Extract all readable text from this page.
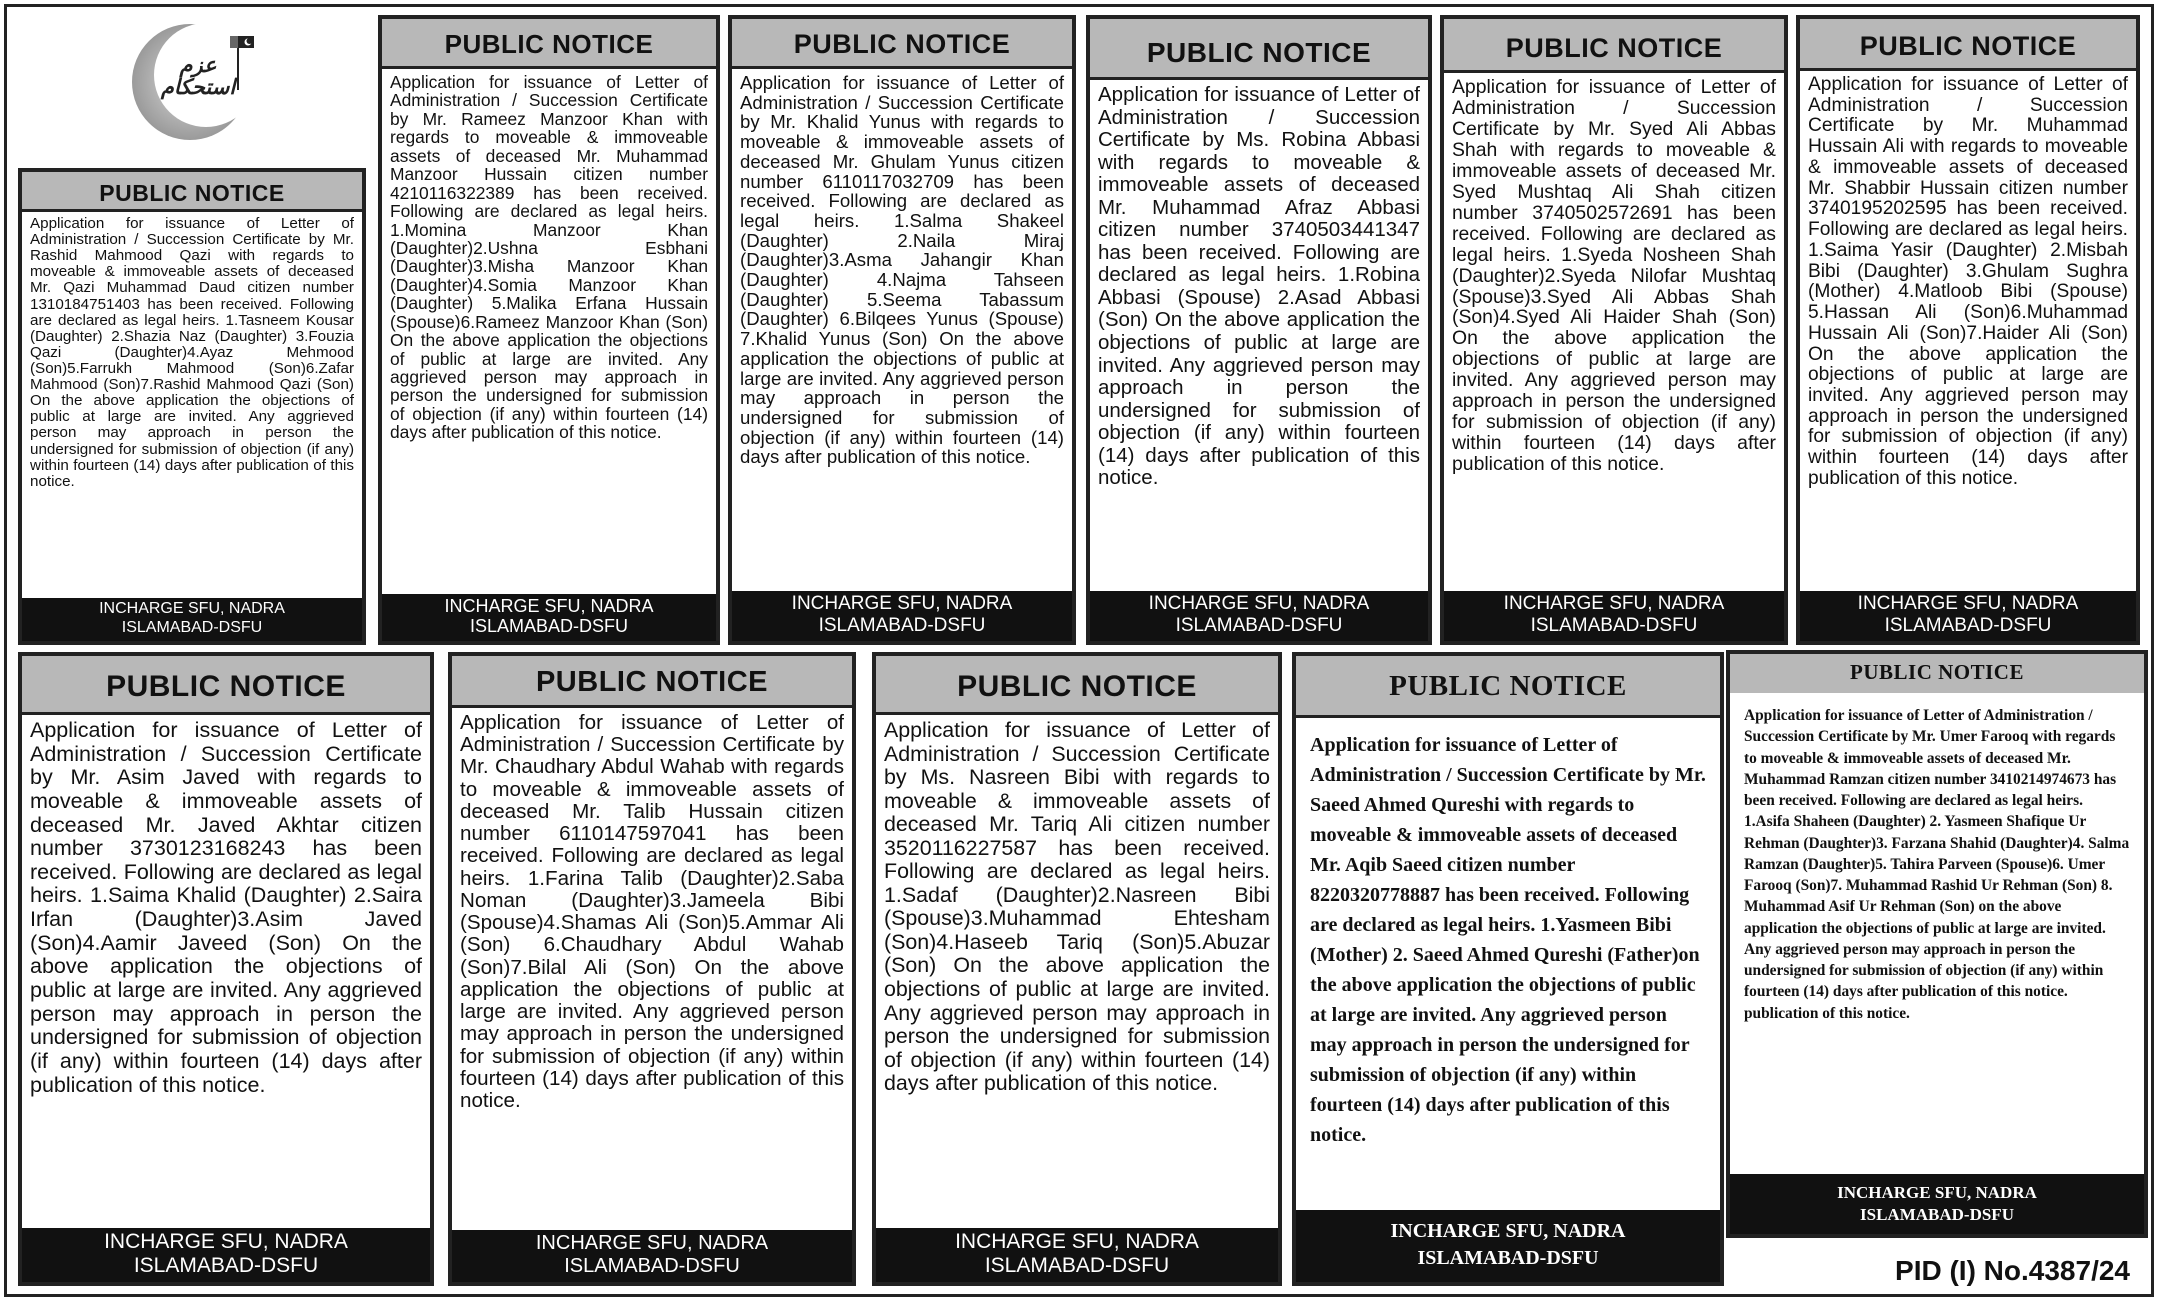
عزم استحکام
PUBLIC NOTICE
Application for issuance of Letter of Administration / Succession Certificate by Mr. Rashid Mahmood Qazi with regards to moveable & immoveable assets of deceased Mr. Qazi Muhammad Daud citizen number 1310184751403 has been received. Following are declared as legal heirs. 1.Tasneem Kousar (Daughter) 2.Shazia Naz (Daughter) 3.Fouzia Qazi (Daughter)4.Ayaz Mehmood (Son)5.Farrukh Mahmood (Son)6.Zafar Mahmood (Son)7.Rashid Mahmood Qazi (Son) On the above application the objections of public at large are invited. Any aggrieved person may approach in person the undersigned for submission of objection (if any) within fourteen (14) days after publication of this notice.
INCHARGE SFU, NADRA
ISLAMABAD-DSFU
PUBLIC NOTICE
Application for issuance of Letter of Administration / Succession Certificate by Mr. Rameez Manzoor Khan with regards to moveable & immoveable assets of deceased Mr. Muhammad Manzoor Hussain citizen number 4210116322389 has been received. Following are declared as legal heirs. 1.Momina Manzoor Khan (Daughter)2.Ushna Esbhani (Daughter)3.Misha Manzoor Khan (Daughter)4.Somia Manzoor Khan (Daughter) 5.Malika Erfana Hussain (Spouse)6.Rameez Manzoor Khan (Son) On the above application the objections of public at large are invited. Any aggrieved person may approach in person the undersigned for submission of objection (if any) within fourteen (14) days after publication of this notice.
INCHARGE SFU, NADRA
ISLAMABAD-DSFU
PUBLIC NOTICE
Application for issuance of Letter of Administration / Succession Certificate by Mr. Khalid Yunus with regards to moveable & immoveable assets of deceased Mr. Ghulam Yunus citizen number 6110117032709 has been received. Following are declared as legal heirs. 1.Salma Shakeel (Daughter) 2.Naila Miraj (Daughter)3.Asma Jahangir Khan (Daughter) 4.Najma Tahseen (Daughter) 5.Seema Tabassum (Daughter) 6.Bilqees Yunus (Spouse) 7.Khalid Yunus (Son) On the above application the objections of public at large are invited. Any aggrieved person may approach in person the undersigned for submission of objection (if any) within fourteen (14) days after publication of this notice.
INCHARGE SFU, NADRA
ISLAMABAD-DSFU
PUBLIC NOTICE
Application for issuance of Letter of Administration / Succession Certificate by Ms. Robina Abbasi with regards to moveable & immoveable assets of deceased Mr. Muhammad Afraz Abbasi citizen number 3740503441347 has been received. Following are declared as legal heirs. 1.Robina Abbasi (Spouse) 2.Asad Abbasi (Son) On the above application the objections of public at large are invited. Any aggrieved person may approach in person the undersigned for submission of objection (if any) within fourteen (14) days after publication of this notice.
INCHARGE SFU, NADRA
ISLAMABAD-DSFU
PUBLIC NOTICE
Application for issuance of Letter of Administration / Succession Certificate by Mr. Syed Ali Abbas Shah with regards to moveable & immoveable assets of deceased Mr. Syed Mushtaq Ali Shah citizen number 3740502572691 has been received. Following are declared as legal heirs. 1.Syeda Nosheen Shah (Daughter)2.Syeda Nilofar Mushtaq (Spouse)3.Syed Ali Abbas Shah (Son)4.Syed Ali Haider Shah (Son) On the above application the objections of public at large are invited. Any aggrieved person may approach in person the undersigned for submission of objection (if any) within fourteen (14) days after publication of this notice.
INCHARGE SFU, NADRA
ISLAMABAD-DSFU
PUBLIC NOTICE
Application for issuance of Letter of Administration / Succession Certificate by Mr. Muhammad Hussain Ali with regards to moveable & immoveable assets of deceased Mr. Shabbir Hussain citizen number 3740195202595 has been received. Following are declared as legal heirs. 1.Saima Yasir (Daughter) 2.Misbah Bibi (Daughter) 3.Ghulam Sughra (Mother) 4.Matloob Bibi (Spouse) 5.Hassan Ali (Son)6.Muhammad Hussain Ali (Son)7.Haider Ali (Son) On the above application the objections of public at large are invited. Any aggrieved person may approach in person the undersigned for submission of objection (if any) within fourteen (14) days after publication of this notice.
INCHARGE SFU, NADRA
ISLAMABAD-DSFU
PUBLIC NOTICE
Application for issuance of Letter of Administration / Succession Certificate by Mr. Asim Javed with regards to moveable & immoveable assets of deceased Mr. Javed Akhtar citizen number 3730123168243 has been received. Following are declared as legal heirs. 1.Saima Khalid (Daughter) 2.Saira Irfan (Daughter)3.Asim Javed (Son)4.Aamir Javeed (Son) On the above application the objections of public at large are invited. Any aggrieved person may approach in person the undersigned for submission of objection (if any) within fourteen (14) days after publication of this notice.
INCHARGE SFU, NADRA
ISLAMABAD-DSFU
PUBLIC NOTICE
Application for issuance of Letter of Administration / Succession Certificate by Mr. Chaudhary Abdul Wahab with regards to moveable & immoveable assets of deceased Mr. Talib Hussain citizen number 6110147597041 has been received. Following are declared as legal heirs. 1.Farina Talib (Daughter)2.Saba Noman (Daughter)3.Jameela Bibi (Spouse)4.Shamas Ali (Son)5.Ammar Ali (Son) 6.Chaudhary Abdul Wahab (Son)7.Bilal Ali (Son) On the above application the objections of public at large are invited. Any aggrieved person may approach in person the undersigned for submission of objection (if any) within fourteen (14) days after publication of this notice.
INCHARGE SFU, NADRA
ISLAMABAD-DSFU
PUBLIC NOTICE
Application for issuance of Letter of Administration / Succession Certificate by Ms. Nasreen Bibi with regards to moveable & immoveable assets of deceased Mr. Tariq Ali citizen number 3520116227587 has been received. Following are declared as legal heirs. 1.Sadaf (Daughter)2.Nasreen Bibi (Spouse)3.Muhammad Ehtesham (Son)4.Haseeb Tariq (Son)5.Abuzar (Son) On the above application the objections of public at large are invited. Any aggrieved person may approach in person the undersigned for submission of objection (if any) within fourteen (14) days after publication of this notice.
INCHARGE SFU, NADRA
ISLAMABAD-DSFU
PUBLIC NOTICE
Application for issuance of Letter of Administration / Succession Certificate by Mr. Saeed Ahmed Qureshi with regards to moveable & immoveable assets of deceased Mr. Aqib Saeed citizen number 8220320778887 has been received. Following are declared as legal heirs. 1.Yasmeen Bibi (Mother) 2. Saeed Ahmed Qureshi (Father)on the above application the objections of public at large are invited. Any aggrieved person may approach in person the undersigned for submission of objection (if any) within fourteen (14) days after publication of this notice.
INCHARGE SFU, NADRA
ISLAMABAD-DSFU
PUBLIC NOTICE
Application for issuance of Letter of Administration / Succession Certificate by Mr. Umer Farooq with regards to moveable & immoveable assets of deceased Mr. Muhammad Ramzan citizen number 3410214974673 has been received. Following are declared as legal heirs. 1.Asifa Shaheen (Daughter) 2. Yasmeen Shafique Ur Rehman (Daughter)3. Farzana Shahid (Daughter)4. Salma Ramzan (Daughter)5. Tahira Parveen (Spouse)6. Umer Farooq (Son)7. Muhammad Rashid Ur Rehman (Son) 8. Muhammad Asif Ur Rehman (Son) on the above application the objections of public at large are invited. Any aggrieved person may approach in person the undersigned for submission of objection (if any) within fourteen (14) days after publication of this notice. publication of this notice.
INCHARGE SFU, NADRA
ISLAMABAD-DSFU
PID (I) No.4387/24
